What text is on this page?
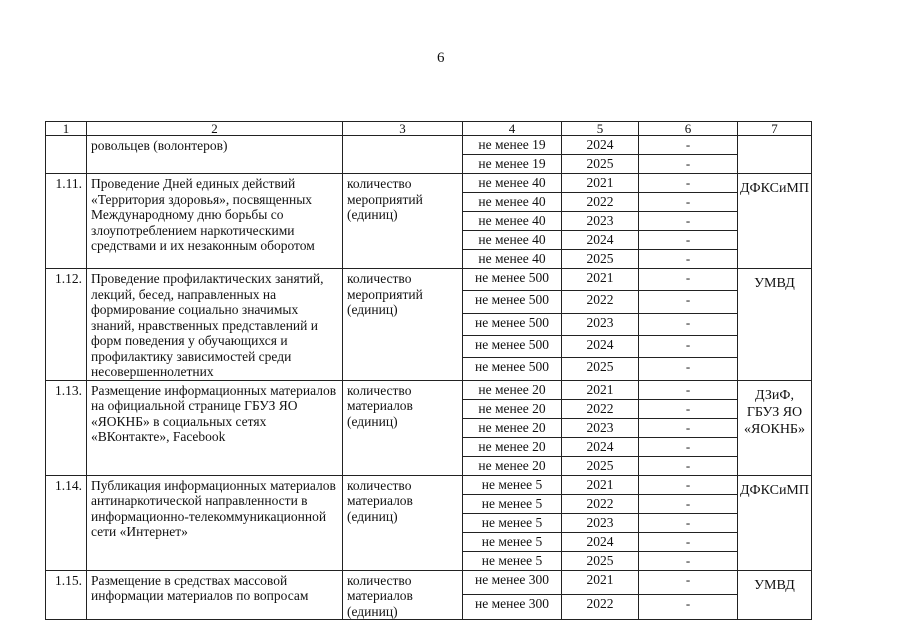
6
1	2	3	4	5	6	7
	ровольцев (волонтеров)		не менее 19	2024	-	
			не менее 19	2025	-	
1.11.	Проведение Дней единых действий «Территория здоровья», посвященных Международному дню борьбы со злоупотреблением наркотическими средствами и их незаконным оборотом	количество мероприятий (единиц)	не менее 40	2021	-	ДФКСиМП
			не менее 40	2022	-	
			не менее 40	2023	-	
			не менее 40	2024	-	
			не менее 40	2025	-	
1.12.	Проведение профилактических занятий, лекций, бесед, направленных на формирование социально значимых знаний, нравственных представлений и форм поведения у обучающихся и профилактику зависимостей среди несовершеннолетних	количество мероприятий (единиц)	не менее 500	2021	-	УМВД
			не менее 500	2022	-	
			не менее 500	2023	-	
			не менее 500	2024	-	
			не менее 500	2025	-	
1.13.	Размещение информационных материалов на официальной странице ГБУЗ ЯО «ЯОКНБ» в социальных сетях «ВКонтакте», Facebook	количество материалов (единиц)	не менее 20	2021	-	ДЗиФ, ГБУЗ ЯО «ЯОКНБ»
			не менее 20	2022	-	
			не менее 20	2023	-	
			не менее 20	2024	-	
			не менее 20	2025	-	
1.14.	Публикация информационных материалов антинаркотической направленности в информационно-телекоммуникационной сети «Интернет»	количество материалов (единиц)	не менее 5	2021	-	ДФКСиМП
			не менее 5	2022	-	
			не менее 5	2023	-	
			не менее 5	2024	-	
			не менее 5	2025	-	
1.15.	Размещение в средствах массовой информации материалов по вопросам	количество материалов (единиц)	не менее 300	2021	-	УМВД
			не менее 300	2022	-	
